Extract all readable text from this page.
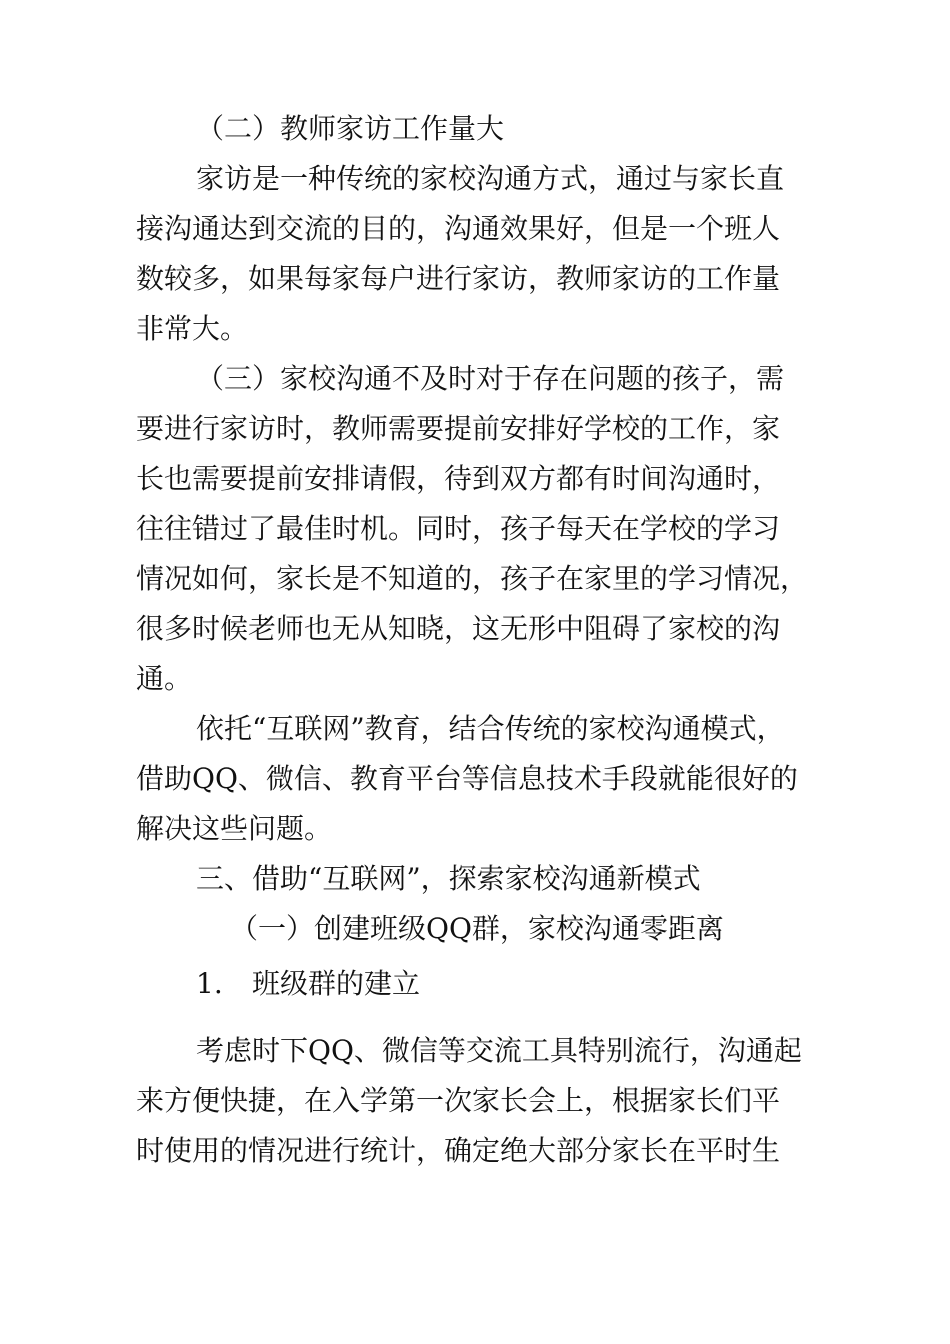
（二）教师家访工作量大
家访是一种传统的家校沟通方式，通过与家长直
接沟通达到交流的目的，沟通效果好，但是一个班人
数较多，如果每家每户进行家访，教师家访的工作量
非常大。
（三）家校沟通不及时对于存在问题的孩子，需
要进行家访时，教师需要提前安排好学校的工作，家
长也需要提前安排请假，待到双方都有时间沟通时，
往往错过了最佳时机。同时，孩子每天在学校的学习
情况如何，家长是不知道的，孩子在家里的学习情况，
很多时候老师也无从知晓，这无形中阻碍了家校的沟
通。
依托“互联网”教育，结合传统的家校沟通模式，
借助QQ、微信、教育平台等信息技术手段就能很好的
解决这些问题。
三、借助“互联网”，探索家校沟通新模式
（一）创建班级QQ群，家校沟通零距离
1. 班级群的建立
考虑时下QQ、微信等交流工具特别流行，沟通起
来方便快捷，在入学第一次家长会上，根据家长们平
时使用的情况进行统计，确定绝大部分家长在平时生
